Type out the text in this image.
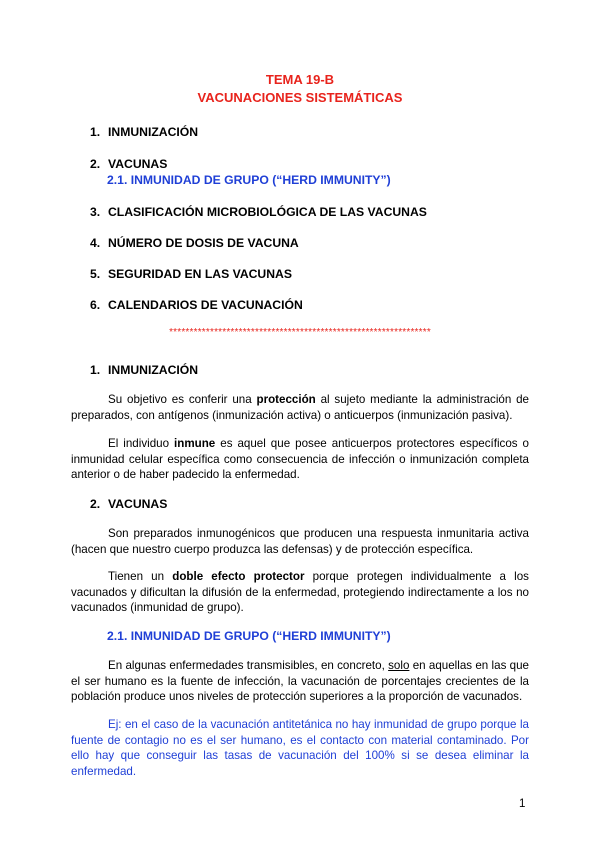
TEMA 19-B
VACUNACIONES SISTEMÁTICAS
1. INMUNIZACIÓN
2. VACUNAS
2.1. INMUNIDAD DE GRUPO (“HERD IMMUNITY”)
3. CLASIFICACIÓN MICROBIOLÓGICA DE LAS VACUNAS
4. NÚMERO DE DOSIS DE VACUNA
5. SEGURIDAD EN LAS VACUNAS
6. CALENDARIOS DE VACUNACIÓN
****************************************************************
1. INMUNIZACIÓN
Su objetivo es conferir una protección al sujeto mediante la administración de preparados, con antígenos (inmunización activa) o anticuerpos (inmunización pasiva).
El individuo inmune es aquel que posee anticuerpos protectores específicos o inmunidad celular específica como consecuencia de infección o inmunización completa anterior o de haber padecido la enfermedad.
2. VACUNAS
Son preparados inmunogénicos que producen una respuesta inmunitaria activa (hacen que nuestro cuerpo produzca las defensas) y de protección específica.
Tienen un doble efecto protector porque protegen individualmente a los vacunados y dificultan la difusión de la enfermedad, protegiendo indirectamente a los no vacunados (inmunidad de grupo).
2.1. INMUNIDAD DE GRUPO (“HERD IMMUNITY”)
En algunas enfermedades transmisibles, en concreto, solo en aquellas en las que el ser humano es la fuente de infección, la vacunación de porcentajes crecientes de la población produce unos niveles de protección superiores a la proporción de vacunados.
Ej: en el caso de la vacunación antitetánica no hay inmunidad de grupo porque la fuente de contagio no es el ser humano, es el contacto con material contaminado. Por ello hay que conseguir las tasas de vacunación del 100% si se desea eliminar la enfermedad.
1
